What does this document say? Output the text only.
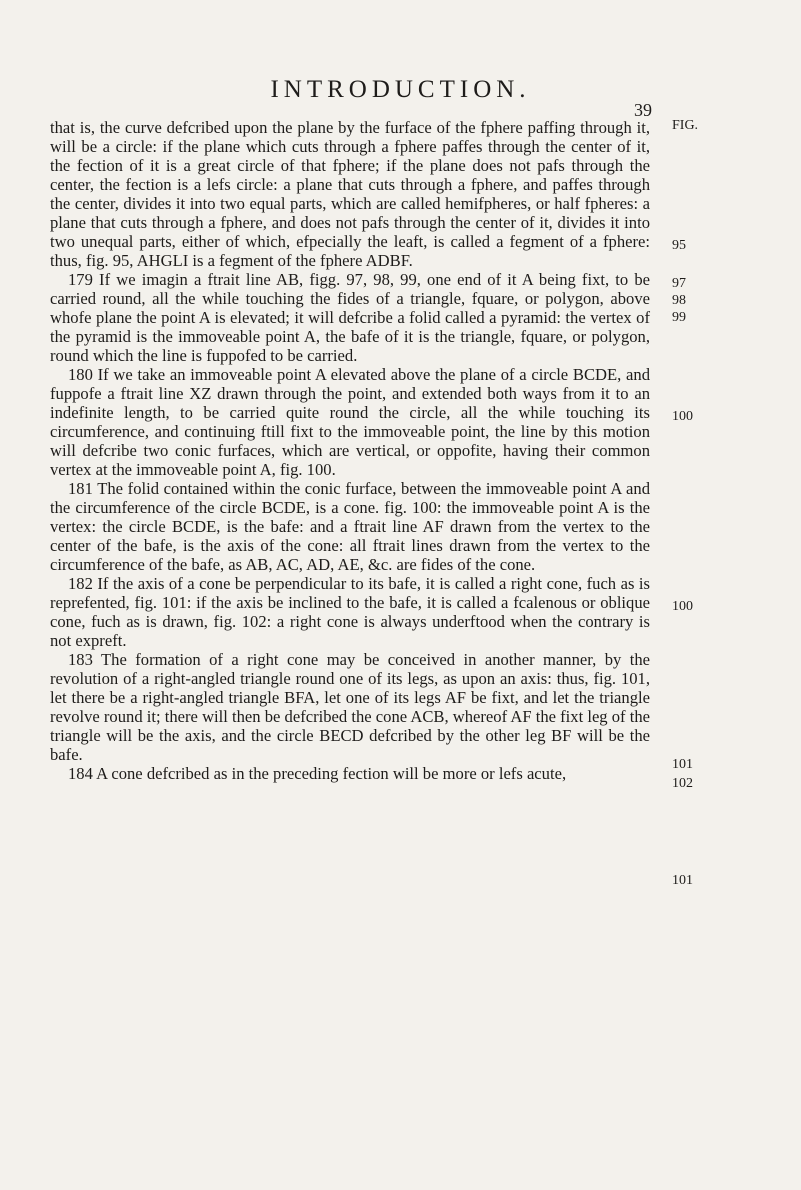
INTRODUCTION.
39

that is, the curve defcribed upon the plane by the furface of the fphere paffing through it, will be a circle: if the plane which cuts through a fphere paffes through the center of it, the fection of it is a great circle of that fphere; if the plane does not pafs through the center, the fection is a lefs circle: a plane that cuts through a fphere, and paffes through the center, divides it into two equal parts, which are called hemifpheres, or half fpheres: a plane that cuts through a fphere, and does not pafs through the center of it, divides it into two unequal parts, either of which, efpecially the leaft, is called a fegment of a fphere: thus, fig. 95, AHGLI is a fegment of the fphere ADBF.

179 If we imagin a ftrait line AB, figg. 97, 98, 99, one end of it A being fixt, to be carried round, all the while touching the fides of a triangle, fquare, or polygon, above whofe plane the point A is elevated; it will defcribe a folid called a pyramid: the vertex of the pyramid is the immoveable point A, the bafe of it is the triangle, fquare, or polygon, round which the line is fuppofed to be carried.

180 If we take an immoveable point A elevated above the plane of a circle BCDE, and fuppofe a ftrait line XZ drawn through the point, and extended both ways from it to an indefinite length, to be carried quite round the circle, all the while touching its circumference, and continuing ftill fixt to the immoveable point, the line by this motion will defcribe two conic furfaces, which are vertical, or oppofite, having their common vertex at the immoveable point A, fig. 100.

181 The folid contained within the conic furface, between the immoveable point A and the circumference of the circle BCDE, is a cone. fig. 100: the immoveable point A is the vertex: the circle BCDE, is the bafe: and a ftrait line AF drawn from the vertex to the center of the bafe, is the axis of the cone: all ftrait lines drawn from the vertex to the circumference of the bafe, as AB, AC, AD, AE, &c. are fides of the cone.

182 If the axis of a cone be perpendicular to its bafe, it is called a right cone, fuch as is reprefented, fig. 101: if the axis be inclined to the bafe, it is called a fcalenous or oblique cone, fuch as is drawn, fig. 102: a right cone is always underftood when the contrary is not expreft.

183 The formation of a right cone may be conceived in another manner, by the revolution of a right-angled triangle round one of its legs, as upon an axis: thus, fig. 101, let there be a right-angled triangle BFA, let one of its legs AF be fixt, and let the triangle revolve round it; there will then be defcribed the cone ACB, whereof AF the fixt leg of the triangle will be the axis, and the circle BECD defcribed by the other leg BF will be the bafe.

184 A cone defcribed as in the preceding fection will be more or lefs acute,

FIG.
95
97
98
99
100
100
101
102
101
